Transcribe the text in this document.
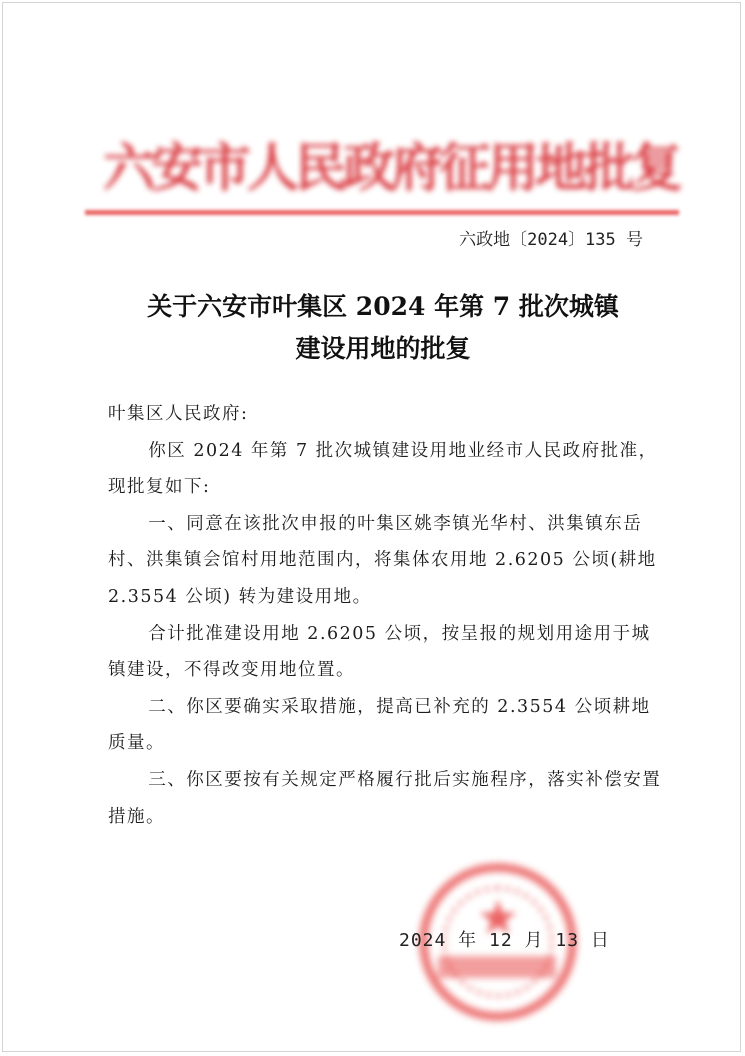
六安市人民政府征用地批复
六政地〔2024〕135 号
关于六安市叶集区 2024 年第 7 批次城镇
建设用地的批复

叶集区人民政府:

你区 2024 年第 7 批次城镇建设用地业经市人民政府批准，现批复如下:

一、同意在该批次申报的叶集区姚李镇光华村、洪集镇东岳村、洪集镇会馆村用地范围内，将集体农用地 2.6205 公顷(耕地 2.3554 公顷) 转为建设用地。

合计批准建设用地 2.6205 公顷，按呈报的规划用途用于城镇建设，不得改变用地位置。

二、你区要确实采取措施，提高已补充的 2.3554 公顷耕地质量。

三、你区要按有关规定严格履行批后实施程序，落实补偿安置措施。

★
2024 年 12 月 13 日
